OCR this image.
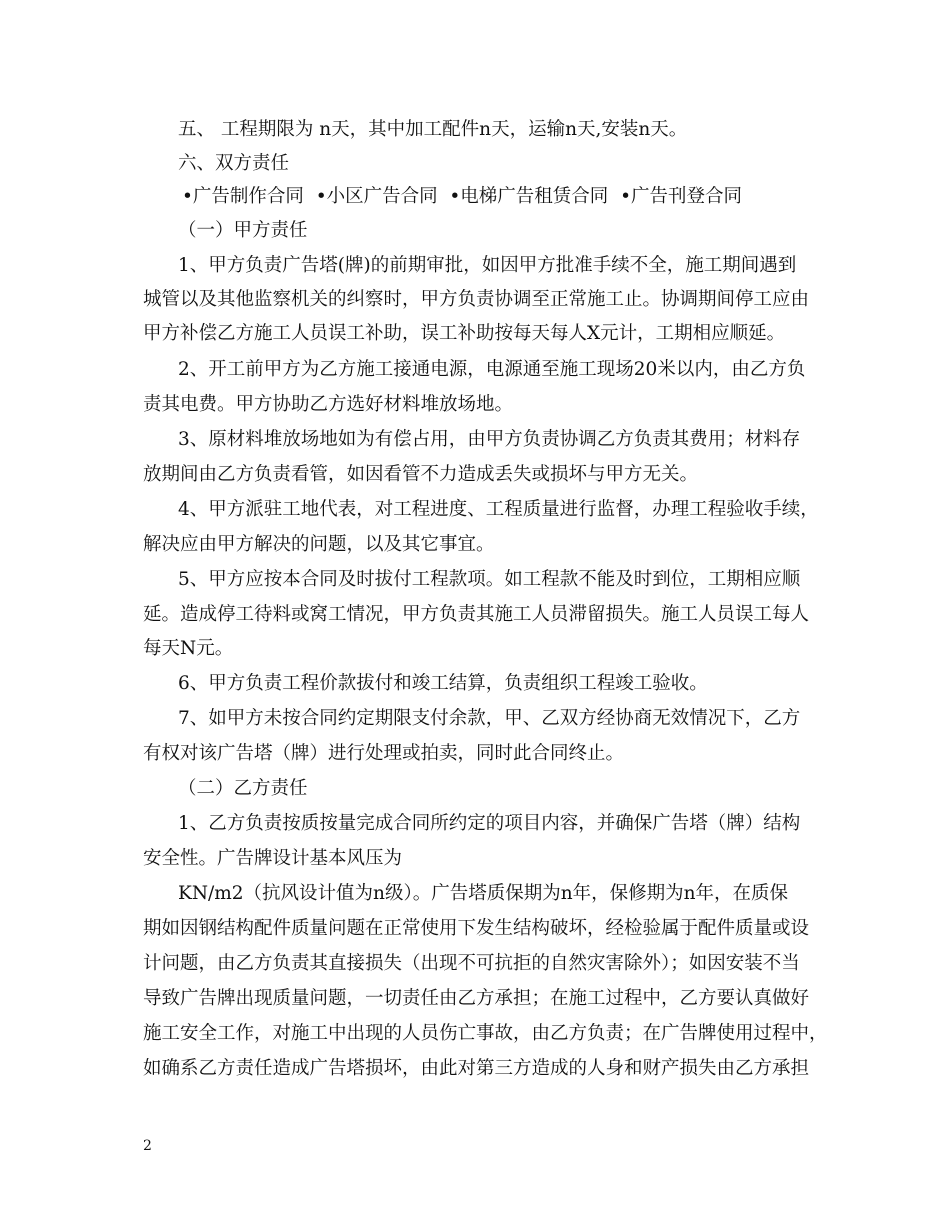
五、 工程期限为 n天，其中加工配件n天，运输n天,安装n天。
六、双方责任
•广告制作合同 •小区广告合同 •电梯广告租赁合同 •广告刊登合同
（一）甲方责任
1、甲方负责广告塔(牌)的前期审批，如因甲方批准手续不全，施工期间遇到
城管以及其他监察机关的纠察时，甲方负责协调至正常施工止。协调期间停工应由
甲方补偿乙方施工人员误工补助，误工补助按每天每人X元计，工期相应顺延。
2、开工前甲方为乙方施工接通电源，电源通至施工现场20米以内，由乙方负
责其电费。甲方协助乙方选好材料堆放场地。
3、原材料堆放场地如为有偿占用，由甲方负责协调乙方负责其费用；材料存
放期间由乙方负责看管，如因看管不力造成丢失或损坏与甲方无关。
4、甲方派驻工地代表，对工程进度、工程质量进行监督，办理工程验收手续，
解决应由甲方解决的问题，以及其它事宜。
5、甲方应按本合同及时拔付工程款项。如工程款不能及时到位，工期相应顺
延。造成停工待料或窝工情况，甲方负责其施工人员滞留损失。施工人员误工每人
每天N元。
6、甲方负责工程价款拔付和竣工结算，负责组织工程竣工验收。
7、如甲方未按合同约定期限支付余款，甲、乙双方经协商无效情况下，乙方
有权对该广告塔（牌）进行处理或拍卖，同时此合同终止。
（二）乙方责任
1、乙方负责按质按量完成合同所约定的项目内容，并确保广告塔（牌）结构
安全性。广告牌设计基本风压为
KN/m2（抗风设计值为n级）。广告塔质保期为n年，保修期为n年，在质保
期如因钢结构配件质量问题在正常使用下发生结构破坏，经检验属于配件质量或设
计问题，由乙方负责其直接损失（出现不可抗拒的自然灾害除外）；如因安装不当
导致广告牌出现质量问题，一切责任由乙方承担；在施工过程中，乙方要认真做好
施工安全工作，对施工中出现的人员伤亡事故，由乙方负责；在广告牌使用过程中，
如确系乙方责任造成广告塔损坏，由此对第三方造成的人身和财产损失由乙方承担
2
